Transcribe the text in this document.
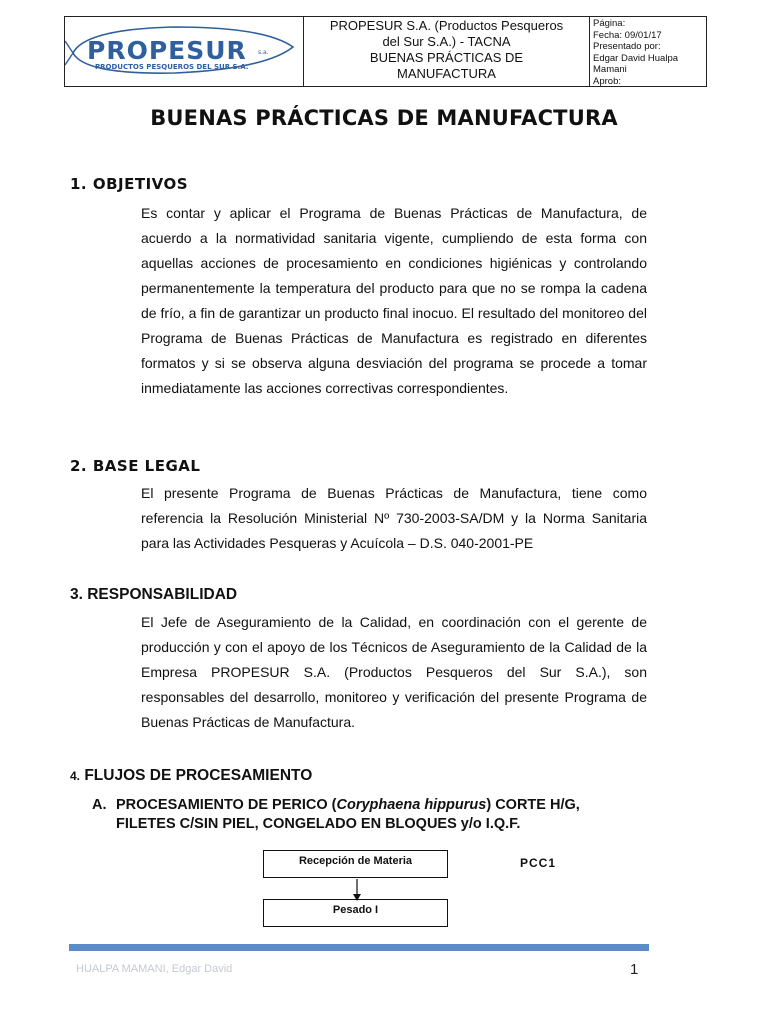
PROPESUR s.a.
PRODUCTOS PESQUEROS DEL SUR S.A.
PROPESUR S.A. (Productos Pesqueros
del Sur S.A.) - TACNA
BUENAS PRÁCTICAS DE
MANUFACTURA
Página:
Fecha: 09/01/17
Presentado por:
Edgar David Hualpa
Mamani
Aprob:
BUENAS PRÁCTICAS DE MANUFACTURA
1. OBJETIVOS

Es contar y aplicar el Programa de Buenas Prácticas de Manufactura, de acuerdo a la normatividad sanitaria vigente, cumpliendo de esta forma con aquellas acciones de procesamiento en condiciones higiénicas y controlando permanentemente la temperatura del producto para que no se rompa la cadena de frío, a fin de garantizar un producto final inocuo. El resultado del monitoreo del Programa de Buenas Prácticas de Manufactura es registrado en diferentes formatos y si se observa alguna desviación del programa se procede a tomar inmediatamente las acciones correctivas correspondientes.

2. BASE LEGAL

El presente Programa de Buenas Prácticas de Manufactura, tiene como referencia la Resolución Ministerial Nº 730-2003-SA/DM y la Norma Sanitaria para las Actividades Pesqueras y Acuícola – D.S. 040-2001-PE

3. RESPONSABILIDAD

El Jefe de Aseguramiento de la Calidad, en coordinación con el gerente de producción y con el apoyo de los Técnicos de Aseguramiento de la Calidad de la Empresa PROPESUR S.A. (Productos Pesqueros del Sur S.A.), son responsables del desarrollo, monitoreo y verificación del presente Programa de Buenas Prácticas de Manufactura.

4. FLUJOS DE PROCESAMIENTO
A. PROCESAMIENTO DE PERICO (Coryphaena hippurus) CORTE H/G,
FILETES C/SIN PIEL, CONGELADO EN BLOQUES y/o I.Q.F.
Recepción de Materia
Pesado I
PCC1
HUALPA MAMANI, Edgar David	1
